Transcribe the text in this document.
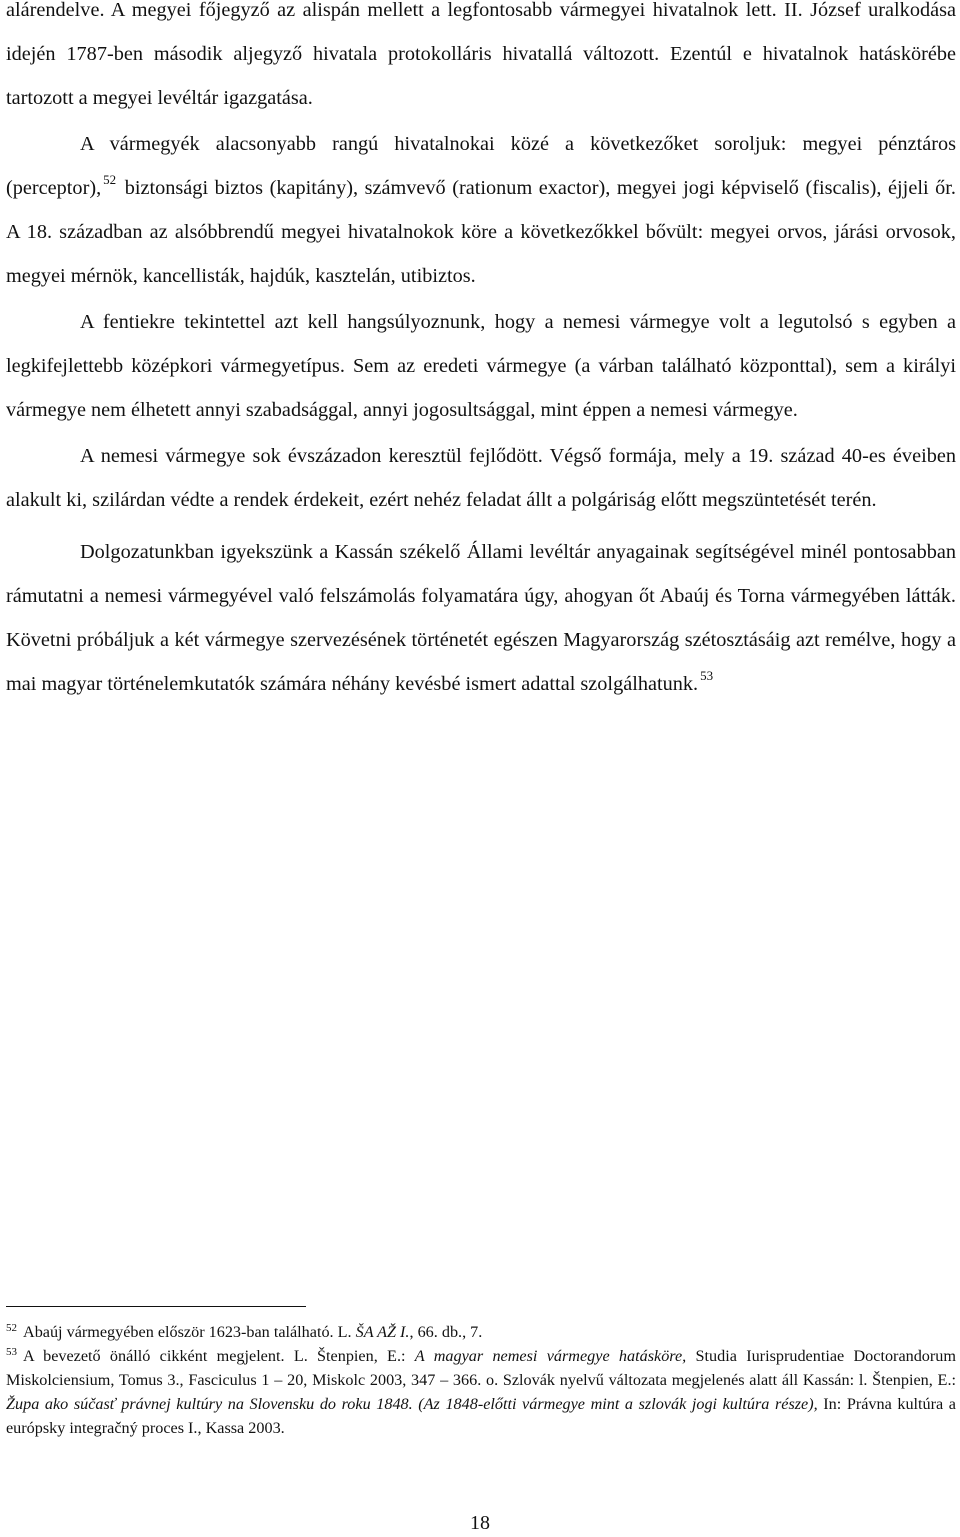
alárendelve. A megyei főjegyző az alispán mellett a legfontosabb vármegyei hivatalnok lett. II. József uralkodása idején 1787-ben második aljegyző hivatala protokolláris hivatallá változott. Ezentúl e hivatalnok hatáskörébe tartozott a megyei levéltár igazgatása.

A vármegyék alacsonyabb rangú hivatalnokai közé a következőket soroljuk: megyei pénztáros (perceptor), $^{52}$ biztonsági biztos (kapitány), számvevő (rationum exactor), megyei jogi képviselő (fiscalis), éjjeli őr. A 18. században az alsóbbrendű megyei hivatalnokok köre a következőkkel bővült: megyei orvos, járási orvosok, megyei mérnök, kancellisták, hajdúk, kasztelán, utibiztos.

A fentiekre tekintettel azt kell hangsúlyoznunk, hogy a nemesi vármegye volt a legutolsó s egyben a legkifejlettebb középkori vármegyetípus. Sem az eredeti vármegye (a várban található központtal), sem a királyi vármegye nem élhetett annyi szabadsággal, annyi jogosultsággal, mint éppen a nemesi vármegye.

A nemesi vármegye sok évszázadon keresztül fejlődött. Végső formája, mely a 19. század 40-es éveiben alakult ki, szilárdan védte a rendek érdekeit, ezért nehéz feladat állt a polgáriság előtt megszüntetését terén.

Dolgozatunkban igyekszünk a Kassán székelő Állami levéltár anyagainak segítségével minél pontosabban rámutatni a nemesi vármegyével való felszámolás folyamatára úgy, ahogyan őt Abaúj és Torna vármegyében látták. Követni próbáljuk a két vármegye szervezésének történetét egészen Magyarország szétosztásáig azt remélve, hogy a mai magyar történelemkutatók számára néhány kevésbé ismert adattal szolgálhatunk. $^{53}$

$^{52}$ Abaúj vármegyében először 1623-ban található. L. ŠA AŽ I., 66. db., 7.

$^{53}$ A bevezető önálló cikként megjelent. L. Štenpien, E.: A magyar nemesi vármegye hatásköre, Studia Iurisprudentiae Doctorandorum Miskolciensium, Tomus 3., Fasciculus 1 – 20, Miskolc 2003, 347 – 366. o. Szlovák nyelvű változata megjelenés alatt áll Kassán: l. Štenpien, E.: Župa ako súčasť právnej kultúry na Slovensku do roku 1848. (Az 1848-előtti vármegye mint a szlovák jogi kultúra része), In: Právna kultúra a európsky integračný proces I., Kassa 2003.

18
